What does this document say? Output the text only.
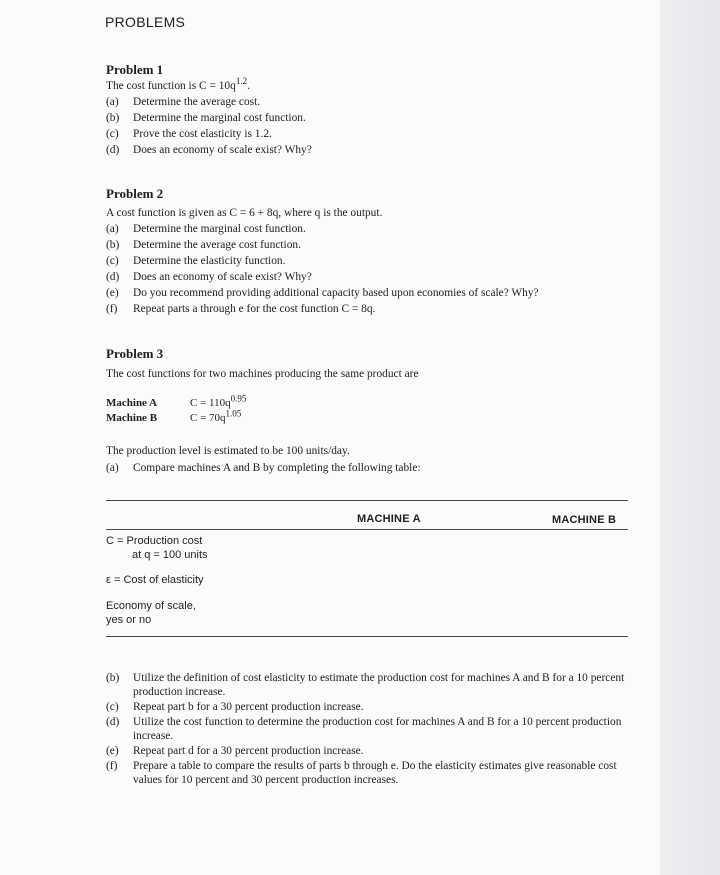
PROBLEMS
Problem 1
The cost function is $C = 10q^{1.2}$.
(a)	Determine the average cost.
(b)	Determine the marginal cost function.
(c)	Prove the cost elasticity is 1.2.
(d)	Does an economy of scale exist? Why?
Problem 2
A cost function is given as C = 6 + 8q, where q is the output.
(a)	Determine the marginal cost function.
(b)	Determine the average cost function.
(c)	Determine the elasticity function.
(d)	Does an economy of scale exist? Why?
(e)	Do you recommend providing additional capacity based upon economies of scale? Why?
(f)	Repeat parts a through e for the cost function C = 8q.
Problem 3
The cost functions for two machines producing the same product are
Machine A	$C = 110q^{0.95}$
Machine B	$C = 70q^{1.05}$
The production level is estimated to be 100 units/day.
(a)	Compare machines A and B by completing the following table:
MACHINE A	MACHINE B
C = Production cost
at q = 100 units
ε = Cost of elasticity
Economy of scale,
yes or no
(b)	Utilize the definition of cost elasticity to estimate the production cost for machines A and B for a 10 percent production increase.
(c)	Repeat part b for a 30 percent production increase.
(d)	Utilize the cost function to determine the production cost for machines A and B for a 10 percent production increase.
(e)	Repeat part d for a 30 percent production increase.
(f)	Prepare a table to compare the results of parts b through e. Do the elasticity estimates give reasonable cost values for 10 percent and 30 percent production increases.
